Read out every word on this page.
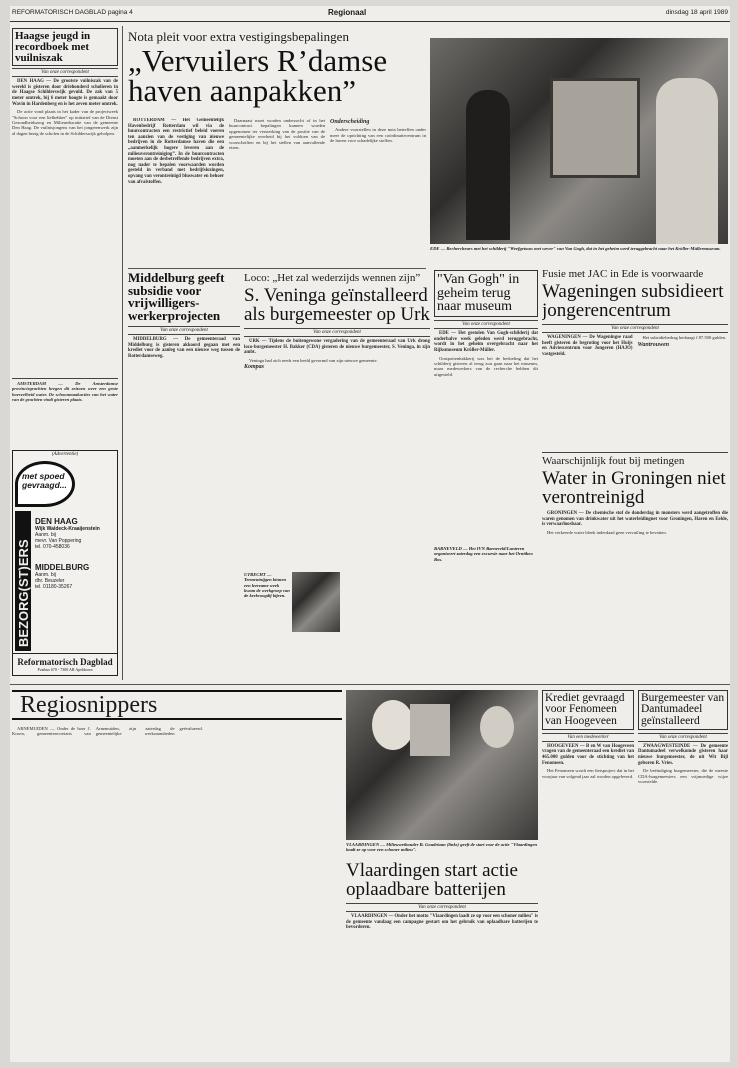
REFORMATORISCH DAGBLAD pagina 4	Regionaal	dinsdag 18 april 1989
Haagse jeugd in recordboek met vuilniszak
Van onze correspondent

DEN HAAG — De grootste vuilniszak van de wereld is gisteren door driehonderd scholieren in de Haagse Schilderswijk gevuld. De zak van 5 meter omtrek, bij 6 meter hoogte is gemaakt door Wavin in Hardenberg en is het zeven meter omtrek.

De actie vond plaats in het kader van de projectweek "Schoon voor een liefhebber" op initiatief van de Dienst Gezondheidszorg en Milieueducatie van de gemeente Den Haag. De vuilnisjongens van het jongerenwerk zijn al dagen bezig de scholen in de Schilderswijk geholpen.

AMSTERDAM — De Amsterdamse provinciegrachten kregen dit seizoen weer een grote hoeveelheid water. De schoonmaakacties van het water van de grachten vindt gisteren plaats.

(Advertentie)
met spoed gevraagd...
BEZORG(ST)ERS
DEN HAAG
Wijk Waldeck-Kraaijenstein
Aanm. bij
mevr. Van Poppering
tel. 070-458036
MIDDELBURG
Aanm. bij
dhr. Beuzeler
tel. 01180-35267
Reformatorisch Dagblad
Postbus 670 - 7300 AR Apeldoorn
Nota pleit voor extra vestigingsbepalingen
„Vervuilers R’damse haven aanpakken”

ROTTERDAM — Het Gemeentelijk Havenbedrijf Rotterdam wil via de huurcontracten een restrictief beleid voeren ten aanzien van de vestiging van nieuwe bedrijven in de Rotterdamse haven die een „aanmerkelijk hogere leveren aan de milieuverontreiniging”. In de huurcontracten moeten aan de desbetreffende bedrijven extra, nog nader te bepalen voorwaarden worden gesteld in verband met bedrijfslozingen, opvang van verontreinigd bluswater en behoer van afvalstoffen.

Daarnaast moet worden onderzocht of in het huurcontract bepalingen kunnen worden opgenomen ter versterking van de positie van de gemeentelijke overheid bij het voldoen van de voorschriften en bij het stellen van aanvullende eisen.

Onderscheiding

Andere voorstellen in deze nota betreffen onder meer de oprichting van een coördinatiecentrum in de haven voor schadelijke stoffen.

EDE — Rechercheurs met het schilderij "Weefgetouw met wever" van Van Gogh, dat in het geheim werd teruggebracht naar het Kröller-Müllermuseum.
Middelburg geeft subsidie voor vrijwilligers-werkerprojecten
Van onze correspondent

MIDDELBURG — De gemeenteraad van Middelburg is gisteren akkoord gegaan met een krediet voor de aanleg van een nieuwe weg tussen de Rotterdamseweg.

Loco: „Het zal wederzijds wennen zijn”
S. Veninga geïnstalleerd als burgemeester op Urk
Van onze correspondent

URK — Tijdens de buitengewone vergadering van de gemeenteraad van Urk drong loco-burgemeester H. Bakker (CDA) gisteren de nieuwe burgemeester, S. Veninga, in zijn ambt.

Veninga had zich reeds een beeld gevormd van zijn nieuwe gemeente.

Kompas
UTRECHT — Termeninijgen binnen een leerzame week kwam de werkgroep van de kerkvoogdij bijeen.
"Van Gogh" in geheim terug naar museum
Van onze correspondent

EDE — Het gestolen Van Gogh-schilderij dat onderhalve week geleden werd teruggebracht, wordt in het geheim overgebracht naar het Rijksmuseum Kröller-Müller.

Oostpottenbakkerij was het de bedoeling dat het schilderij gisteren al terug zou gaan naar het museum, maar medewerkers van de recherche hebben dit uitgesteld.

BARNEVELD — Het IVN Barneveld/Lunteren organiseert zaterdag een excursie naar het Ornitheo Bos.
Fusie met JAC in Ede is voorwaarde
Wageningen subsidieert jongerencentrum
Van onze correspondent

WAGENINGEN — De Wageningse raad heeft gisteren de begroting voor het Huijs en Adviescentrum voor Jongeren (HAJO) vastgesteld.

Het subsidiebedrag bedraagt f 87.500 gulden.

Wantrouwen
Waarschijnlijk fout bij metingen
Water in Groningen niet verontreinigd

GRONINGEN — De chemische stof de donderdag in monsters werd aangetroffen die waren genomen van drinkwater uit het waterleidingnet voor Groningen, Haren en Eelde, is verwaarloosbaar.

Het verkeerde water bleek inderdaad geen vervuiling te bevatten.

Regiosnippers

ARNEMUIDEN — Onder de hoer J. Kroon, gemeentesecretaris van Arnemuiden, zijn zaterdag de gemeentelijke werkzaamheden geëvalueerd.

VLAARDINGEN — Milieuwethouder B. Goudriaan (links) geeft de start voor de actie "Vlaardingen laadt ze op voor een schoner milieu".
Vlaardingen start actie oplaadbare batterijen
Van onze correspondent

VLAARDINGEN — Onder het motto "Vlaardingen laadt ze op voor een schoner milieu" is de gemeente vandaag een campagne gestart om het gebruik van oplaadbare batterijen te bevorderen.

Krediet gevraagd voor Fenomeen van Hoogeveen
Van een medewerker

HOOGEVEEN — B en W van Hoogeveen vragen van de gemeenteraad een krediet van 465.000 gulden voor de stichting van het Fenomeen.

Het Fenomeen wordt een fietsproject dat in het voorjaar van volgend jaar zal worden opgeleverd.

Burgemeester van Dantumadeel geïnstalleerd
Van onze correspondent

ZWAAGWESTEINDE — De gemeente Dantumadeel verwelkomde gisteren haar nieuwe burgemeester, de uit Wit Bijl geboren R. Vries.

De beëindiging burgemeester, die de meeste CDA-burgemeesters een vrijmoedige wijze voorstelde.
